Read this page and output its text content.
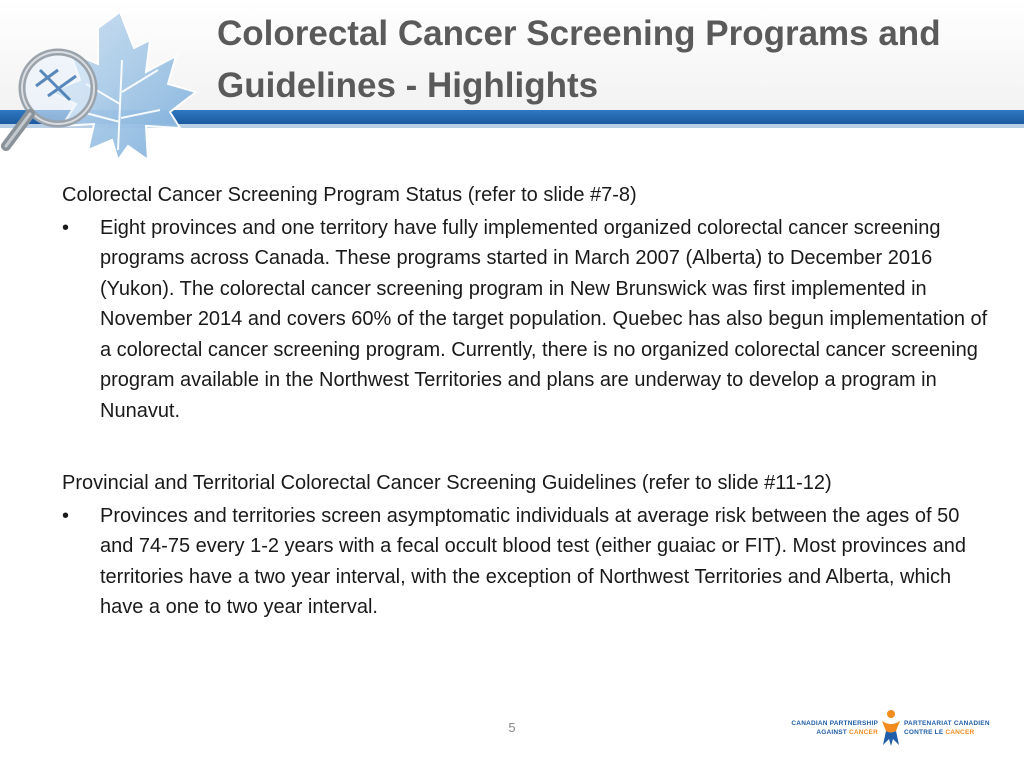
Colorectal Cancer Screening Programs and Guidelines - Highlights

Colorectal Cancer Screening Program Status (refer to slide #7-8)

• Eight provinces and one territory have fully implemented organized colorectal cancer screening programs across Canada. These programs started in March 2007 (Alberta) to December 2016 (Yukon). The colorectal cancer screening program in New Brunswick was first implemented in November 2014 and covers 60% of the target population. Quebec has also begun implementation of a colorectal cancer screening program. Currently, there is no organized colorectal cancer screening program available in the Northwest Territories and plans are underway to develop a program in Nunavut.

Provincial and Territorial Colorectal Cancer Screening Guidelines (refer to slide #11-12)

• Provinces and territories screen asymptomatic individuals at average risk between the ages of 50 and 74-75 every 1-2 years with a fecal occult blood test (either guaiac or FIT). Most provinces and territories have a two year interval, with the exception of Northwest Territories and Alberta, which have a one to two year interval.
5	CANADIAN PARTNERSHIP
AGAINST CANCER
PARTENARIAT CANADIEN
CONTRE LE CANCER
